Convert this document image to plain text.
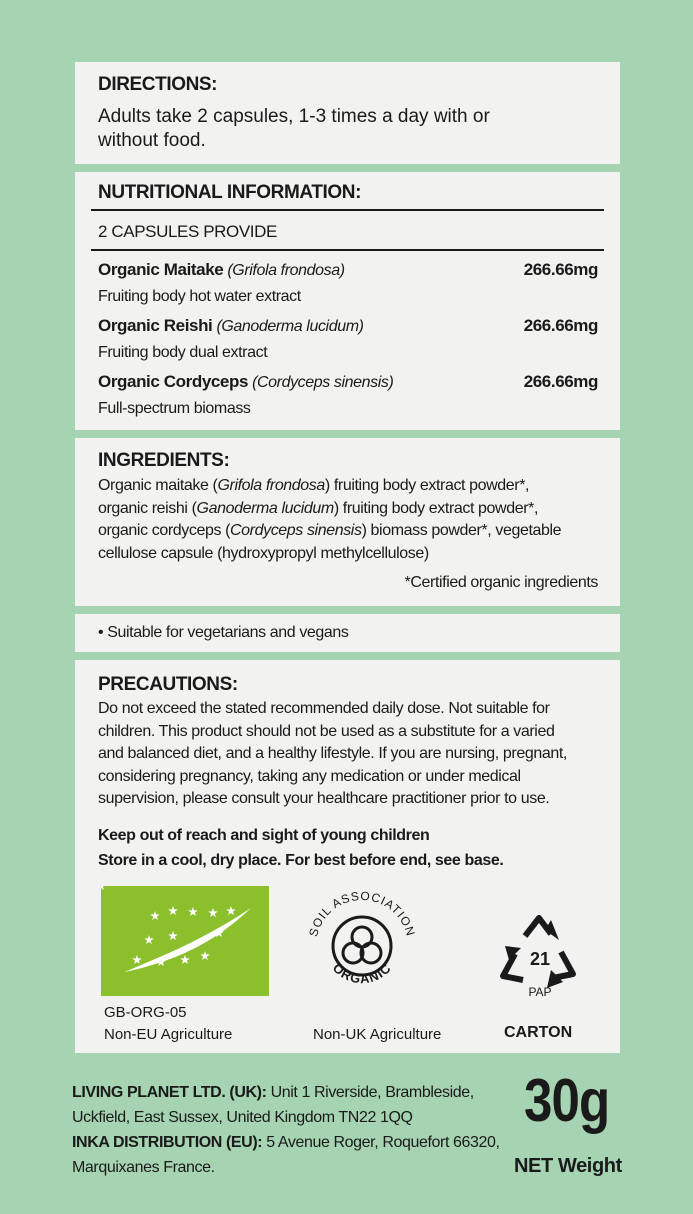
DIRECTIONS:
Adults take 2 capsules, 1-3 times a day with or
without food.
NUTRITIONAL INFORMATION:
2 CAPSULES PROVIDE
Organic Maitake (Grifola frondosa)	266.66mg
Fruiting body hot water extract
Organic Reishi (Ganoderma lucidum)	266.66mg
Fruiting body dual extract
Organic Cordyceps (Cordyceps sinensis)	266.66mg
Full-spectrum biomass
INGREDIENTS:
Organic maitake (Grifola frondosa) fruiting body extract powder*,
organic reishi (Ganoderma lucidum) fruiting body extract powder*,
organic cordyceps (Cordyceps sinensis) biomass powder*, vegetable
cellulose capsule (hydroxypropyl methylcellulose)
*Certified organic ingredients
• Suitable for vegetarians and vegans
PRECAUTIONS:
Do not exceed the stated recommended daily dose. Not suitable for
children. This product should not be used as a substitute for a varied
and balanced diet, and a healthy lifestyle. If you are nursing, pregnant,
considering pregnancy, taking any medication or under medical
supervision, please consult your healthcare practitioner prior to use.
Keep out of reach and sight of young children
Store in a cool, dry place. For best before end, see base.
GB-ORG-05
Non-EU Agriculture
SOIL ASSOCIATION
ORGANIC
Non-UK Agriculture
21
PAP
CARTON
LIVING PLANET LTD. (UK): Unit 1 Riverside, Brambleside,
Uckfield, East Sussex, United Kingdom TN22 1QQ
INKA DISTRIBUTION (EU): 5 Avenue Roger, Roquefort 66320,
Marquixanes France.
30g
NET Weight
